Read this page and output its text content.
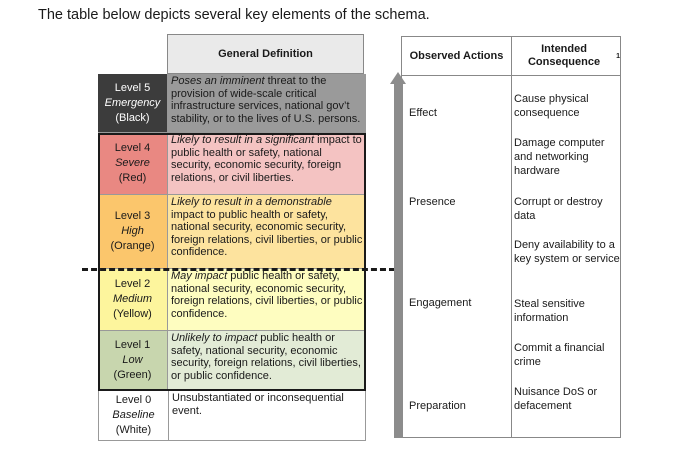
The table below depicts several key elements of the schema.
General Definition
Level 5
Emergency
(Black)
Poses an imminent threat to the provision of wide-scale critical infrastructure services, national gov’t stability, or to the lives of U.S. persons.
Level 4
Severe
(Red)
Likely to result in a significant impact to public health or safety, national security, economic security, foreign relations, or civil liberties.
Level 3
High
(Orange)
Likely to result in a demonstrable impact to public health or safety, national security, economic security, foreign relations, civil liberties, or public confidence.
Level 2
Medium
(Yellow)
May impact public health or safety, national security, economic security, foreign relations, civil liberties, or public confidence.
Level 1
Low
(Green)
Unlikely to impact public health or safety, national security, economic security, foreign relations, civil liberties, or public confidence.
Level 0
Baseline
(White)
Unsubstantiated or inconsequential event.
Observed Actions
Intended Consequence	1
Effect
Presence
Engagement
Preparation
Cause physical consequence
Damage computer and networking hardware
Corrupt or destroy data
Deny availability to a key system or service
Steal sensitive information
Commit a financial crime
Nuisance DoS or defacement
